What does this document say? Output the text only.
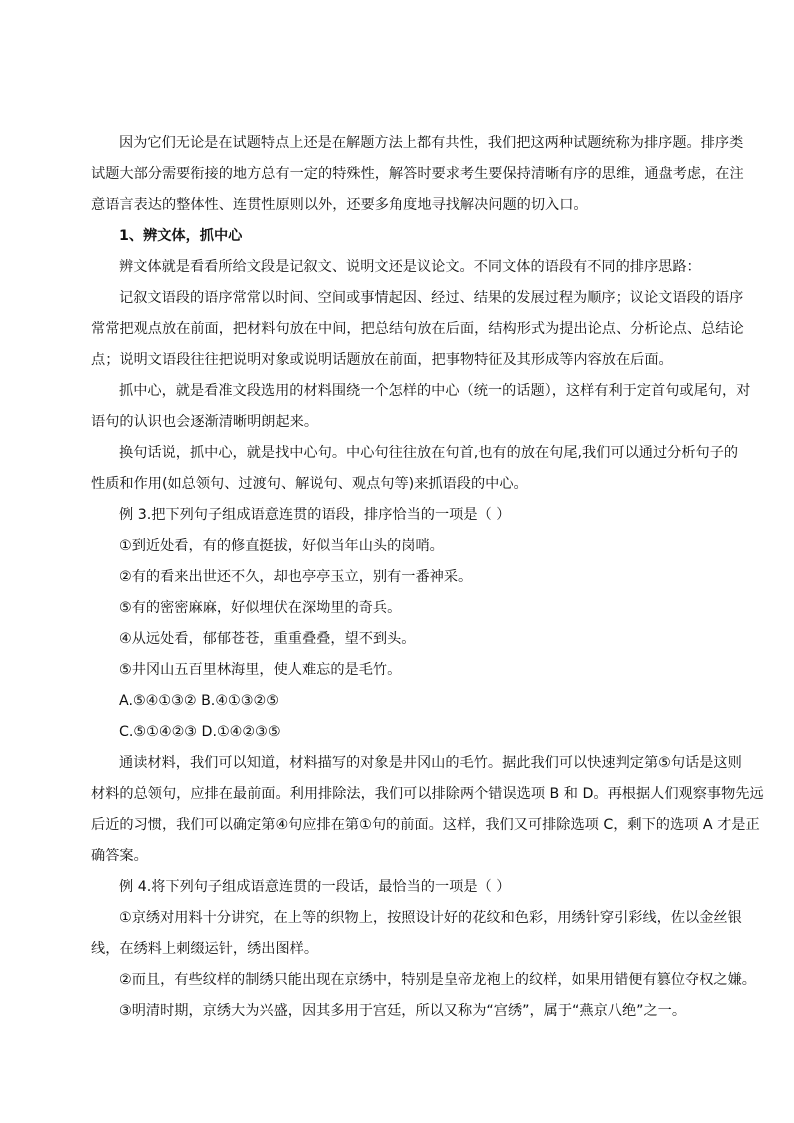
因为它们无论是在试题特点上还是在解题方法上都有共性，我们把这两种试题统称为排序题。排序类
试题大部分需要衔接的地方总有一定的特殊性，解答时要求考生要保持清晰有序的思维，通盘考虑，在注
意语言表达的整体性、连贯性原则以外，还要多角度地寻找解决问题的切入口。
1、辨文体，抓中心
辨文体就是看看所给文段是记叙文、说明文还是议论文。不同文体的语段有不同的排序思路：
记叙文语段的语序常常以时间、空间或事情起因、经过、结果的发展过程为顺序；议论文语段的语序
常常把观点放在前面，把材料句放在中间，把总结句放在后面，结构形式为提出论点、分析论点、总结论
点；说明文语段往往把说明对象或说明话题放在前面，把事物特征及其形成等内容放在后面。
抓中心，就是看准文段选用的材料围绕一个怎样的中心（统一的话题），这样有利于定首句或尾句，对
语句的认识也会逐渐清晰明朗起来。
换句话说，抓中心，就是找中心句。中心句往往放在句首,也有的放在句尾,我们可以通过分析句子的
性质和作用(如总领句、过渡句、解说句、观点句等)来抓语段的中心。
例 3.把下列句子组成语意连贯的语段，排序恰当的一项是（ ）
①到近处看，有的修直挺拔，好似当年山头的岗哨。
②有的看来出世还不久，却也亭亭玉立，别有一番神采。
⑤有的密密麻麻，好似埋伏在深坳里的奇兵。
④从远处看，郁郁苍苍，重重叠叠，望不到头。
⑤井冈山五百里林海里，使人难忘的是毛竹。
A.⑤④①③② B.④①③②⑤
C.⑤①④②③ D.①④②③⑤
通读材料，我们可以知道，材料描写的对象是井冈山的毛竹。据此我们可以快速判定第⑤句话是这则
材料的总领句，应排在最前面。利用排除法，我们可以排除两个错误选项 B 和 D。再根据人们观察事物先远
后近的习惯，我们可以确定第④句应排在第①句的前面。这样，我们又可排除选项 C，剩下的选项 A 才是正
确答案。
例 4.将下列句子组成语意连贯的一段话，最恰当的一项是（ ）
①京绣对用料十分讲究，在上等的织物上，按照设计好的花纹和色彩，用绣针穿引彩线，佐以金丝银
线，在绣料上刺缀运针，绣出图样。
②而且，有些纹样的制绣只能出现在京绣中，特别是皇帝龙袍上的纹样，如果用错便有篡位夺权之嫌。
③明清时期，京绣大为兴盛，因其多用于宫廷，所以又称为“宫绣”，属于“燕京八绝”之一。
